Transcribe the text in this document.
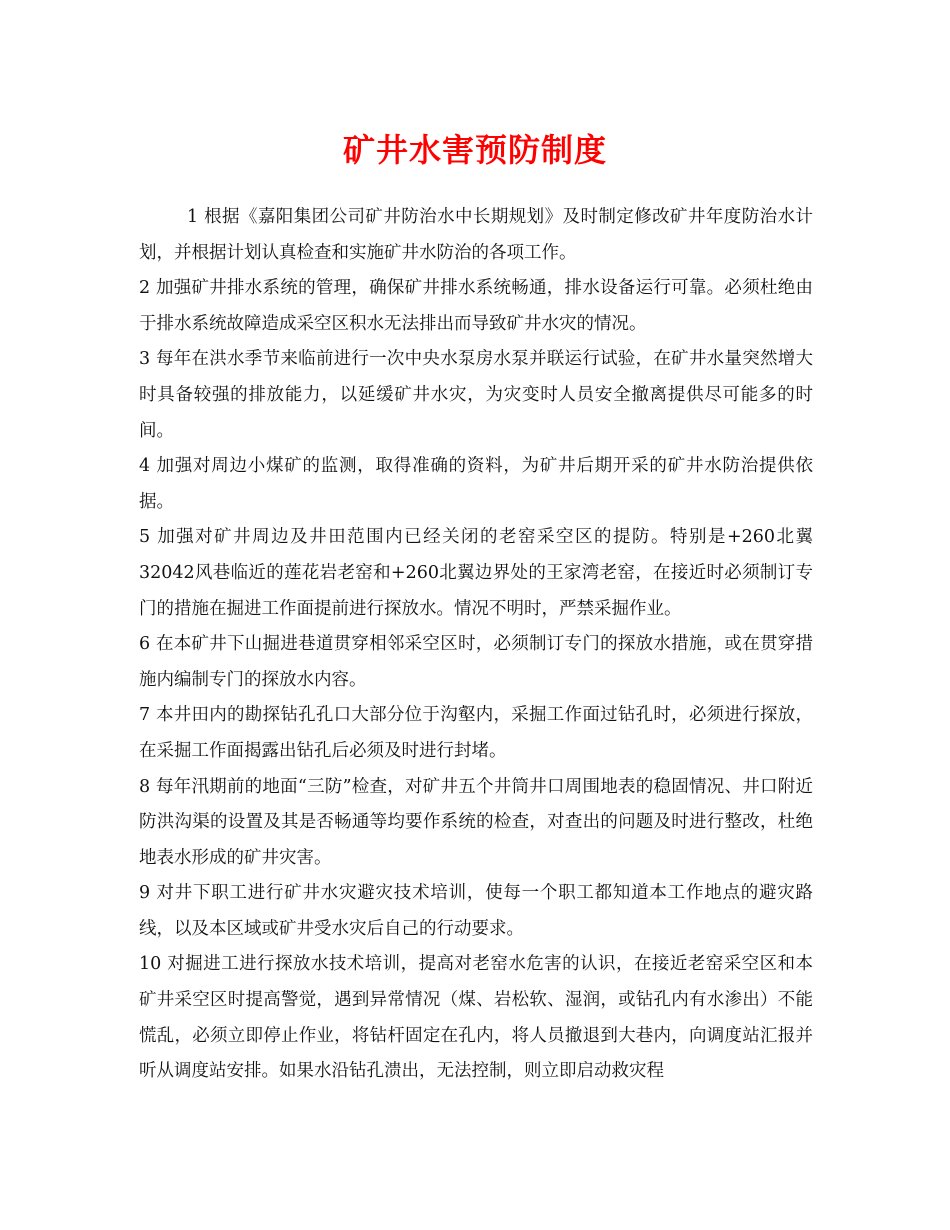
矿井水害预防制度

1 根据《嘉阳集团公司矿井防治水中长期规划》及时制定修改矿井年度防治水计划，并根据计划认真检查和实施矿井水防治的各项工作。

2 加强矿井排水系统的管理，确保矿井排水系统畅通，排水设备运行可靠。必须杜绝由于排水系统故障造成采空区积水无法排出而导致矿井水灾的情况。

3 每年在洪水季节来临前进行一次中央水泵房水泵并联运行试验，在矿井水量突然增大时具备较强的排放能力，以延缓矿井水灾，为灾变时人员安全撤离提供尽可能多的时间。

4 加强对周边小煤矿的监测，取得准确的资料，为矿井后期开采的矿井水防治提供依据。

5 加强对矿井周边及井田范围内已经关闭的老窑采空区的提防。特别是+260北翼32042风巷临近的莲花岩老窑和+260北翼边界处的王家湾老窑，在接近时必须制订专门的措施在掘进工作面提前进行探放水。情况不明时，严禁采掘作业。

6 在本矿井下山掘进巷道贯穿相邻采空区时，必须制订专门的探放水措施，或在贯穿措施内编制专门的探放水内容。

7 本井田内的勘探钻孔孔口大部分位于沟壑内，采掘工作面过钻孔时，必须进行探放，在采掘工作面揭露出钻孔后必须及时进行封堵。

8 每年汛期前的地面“三防”检查，对矿井五个井筒井口周围地表的稳固情况、井口附近防洪沟渠的设置及其是否畅通等均要作系统的检查，对查出的问题及时进行整改，杜绝地表水形成的矿井灾害。

9 对井下职工进行矿井水灾避灾技术培训，使每一个职工都知道本工作地点的避灾路线，以及本区域或矿井受水灾后自己的行动要求。

10 对掘进工进行探放水技术培训，提高对老窑水危害的认识，在接近老窑采空区和本矿井采空区时提高警觉，遇到异常情况（煤、岩松软、湿润，或钻孔内有水渗出）不能慌乱，必须立即停止作业，将钻杆固定在孔内，将人员撤退到大巷内，向调度站汇报并听从调度站安排。如果水沿钻孔溃出，无法控制，则立即启动救灾程
